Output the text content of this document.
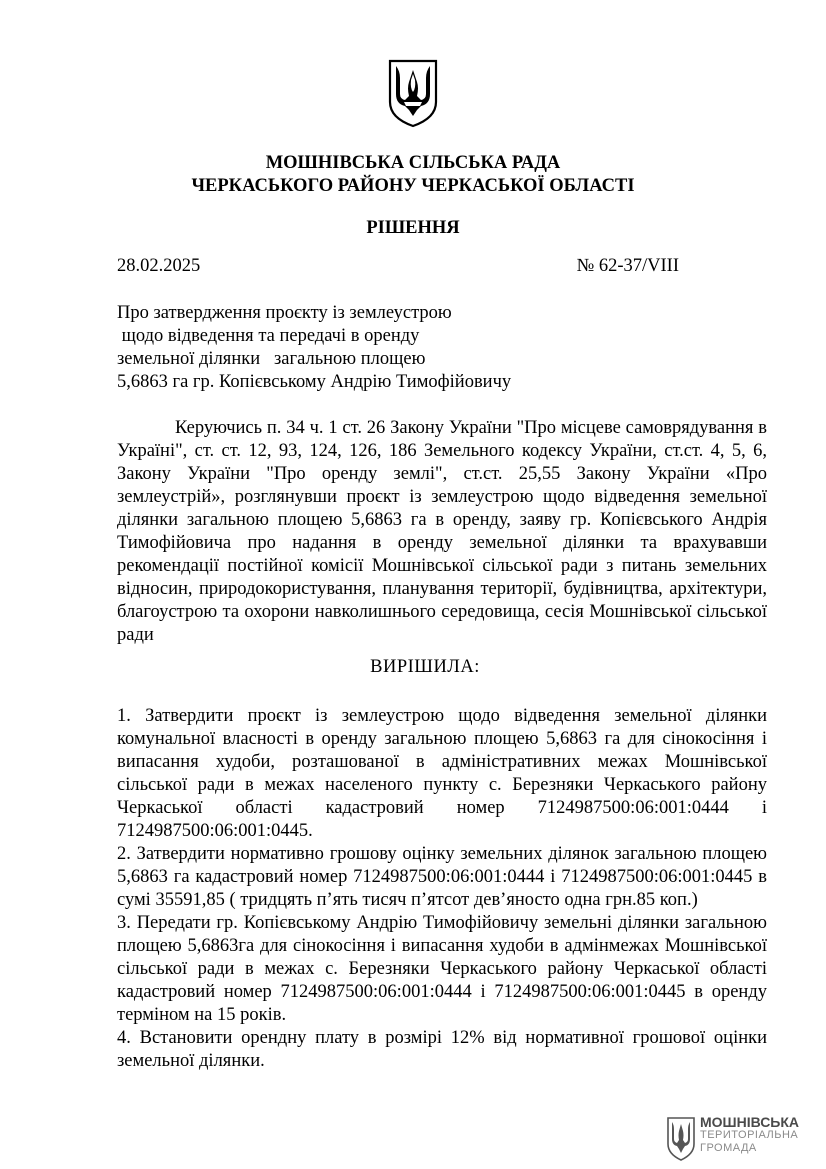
МОШНІВСЬКА СІЛЬСЬКА РАДА
ЧЕРКАСЬКОГО РАЙОНУ ЧЕРКАСЬКОЇ ОБЛАСТІ
РІШЕННЯ
28.02.2025	№ 62-37/VIII
Про затвердження проєкту із землеустрою
щодо відведення та передачі в оренду
земельної ділянки   загальною площею
5,6863 га гр. Копієвському Андрію Тимофійовичу
Керуючись п. 34 ч. 1 ст. 26 Закону України "Про місцеве самоврядування в Україні", ст. ст. 12, 93, 124, 126, 186 Земельного кодексу України, ст.ст. 4, 5, 6, Закону України "Про оренду землі", ст.ст. 25,55 Закону України «Про землеустрій», розглянувши проєкт із землеустрою щодо відведення земельної ділянки загальною площею 5,6863 га в оренду, заяву гр. Копієвського Андрія Тимофійовича про надання в оренду земельної ділянки та врахувавши рекомендації постійної комісії Мошнівської сільської ради з питань земельних відносин, природокористування, планування території, будівництва, архітектури, благоустрою та охорони навколишнього середовища, сесія Мошнівської сільської ради
ВИРІШИЛА:

1. Затвердити проєкт із землеустрою щодо відведення земельної ділянки комунальної власності в оренду загальною площею 5,6863 га для сінокосіння і випасання худоби, розташованої в адміністративних межах Мошнівської сільської ради в межах населеного пункту с. Березняки Черкаського району Черкаської області кадастровий номер 7124987500:06:001:0444 і 7124987500:06:001:0445.

2. Затвердити нормативно грошову оцінку земельних ділянок загальною площею 5,6863 га кадастровий номер 7124987500:06:001:0444 і 7124987500:06:001:0445 в сумі 35591,85 ( тридцять п’ять тисяч п’ятсот дев’яносто одна грн.85 коп.)

3. Передати гр. Копієвському Андрію Тимофійовичу земельні ділянки загальною площею 5,6863га для сінокосіння і випасання худоби в адмінмежах Мошнівської сільської ради в межах с. Березняки Черкаського району Черкаської області кадастровий номер 7124987500:06:001:0444 і 7124987500:06:001:0445 в оренду терміном на 15 років.

4. Встановити орендну плату в розмірі 12% від нормативної грошової оцінки земельної ділянки.

МОШНІВСЬКА
ТЕРИТОРІАЛЬНА
ГРОМАДА
